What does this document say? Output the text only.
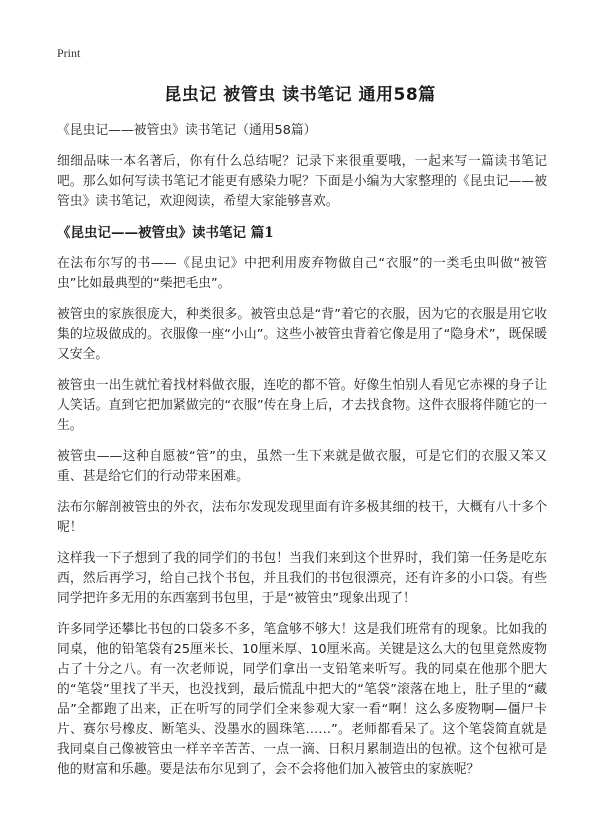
Print
昆虫记 被管虫 读书笔记 通用58篇

《昆虫记——被管虫》读书笔记（通用58篇）

细细品味一本名著后，你有什么总结呢？记录下来很重要哦，一起来写一篇读书笔记吧。那么如何写读书笔记才能更有感染力呢？下面是小编为大家整理的《昆虫记——被管虫》读书笔记，欢迎阅读，希望大家能够喜欢。

《昆虫记——被管虫》读书笔记 篇1

在法布尔写的书——《昆虫记》中把利用废弃物做自己“衣服”的一类毛虫叫做“被管虫”比如最典型的“柴把毛虫”。

被管虫的家族很庞大，种类很多。被管虫总是“背”着它的衣服，因为它的衣服是用它收集的垃圾做成的。衣服像一座“小山”。这些小被管虫背着它像是用了“隐身术”，既保暖又安全。

被管虫一出生就忙着找材料做衣服，连吃的都不管。好像生怕别人看见它赤裸的身子让人笑话。直到它把加紧做完的“衣服”传在身上后，才去找食物。这件衣服将伴随它的一生。

被管虫——这种自愿被“管”的虫，虽然一生下来就是做衣服，可是它们的衣服又笨又重、甚是给它们的行动带来困难。

法布尔解剖被管虫的外衣，法布尔发现发现里面有许多极其细的枝干，大概有八十多个呢！

这样我一下子想到了我的同学们的书包！当我们来到这个世界时，我们第一任务是吃东西，然后再学习，给自己找个书包，并且我们的书包很漂亮，还有许多的小口袋。有些同学把许多无用的东西塞到书包里，于是“被管虫”现象出现了！

许多同学还攀比书包的口袋多不多，笔盒够不够大！这是我们班常有的现象。比如我的同桌，他的铅笔袋有25厘米长、10厘米厚、10厘米高。关键是这么大的包里竟然废物占了十分之八。有一次老师说，同学们拿出一支铅笔来听写。我的同桌在他那个肥大的“笔袋”里找了半天，也没找到，最后慌乱中把大的“笔袋”滚落在地上，肚子里的“藏品”全都跑了出来，正在听写的同学们全来参观大家一看“啊！这么多废物啊—僵尸卡片、赛尔号橡皮、断笔头、没墨水的圆珠笔……”。老师都看呆了。这个笔袋简直就是我同桌自己像被管虫一样辛辛苦苦、一点一滴、日积月累制造出的包袱。这个包袱可是他的财富和乐趣。要是法布尔见到了，会不会将他们加入被管虫的家族呢？
